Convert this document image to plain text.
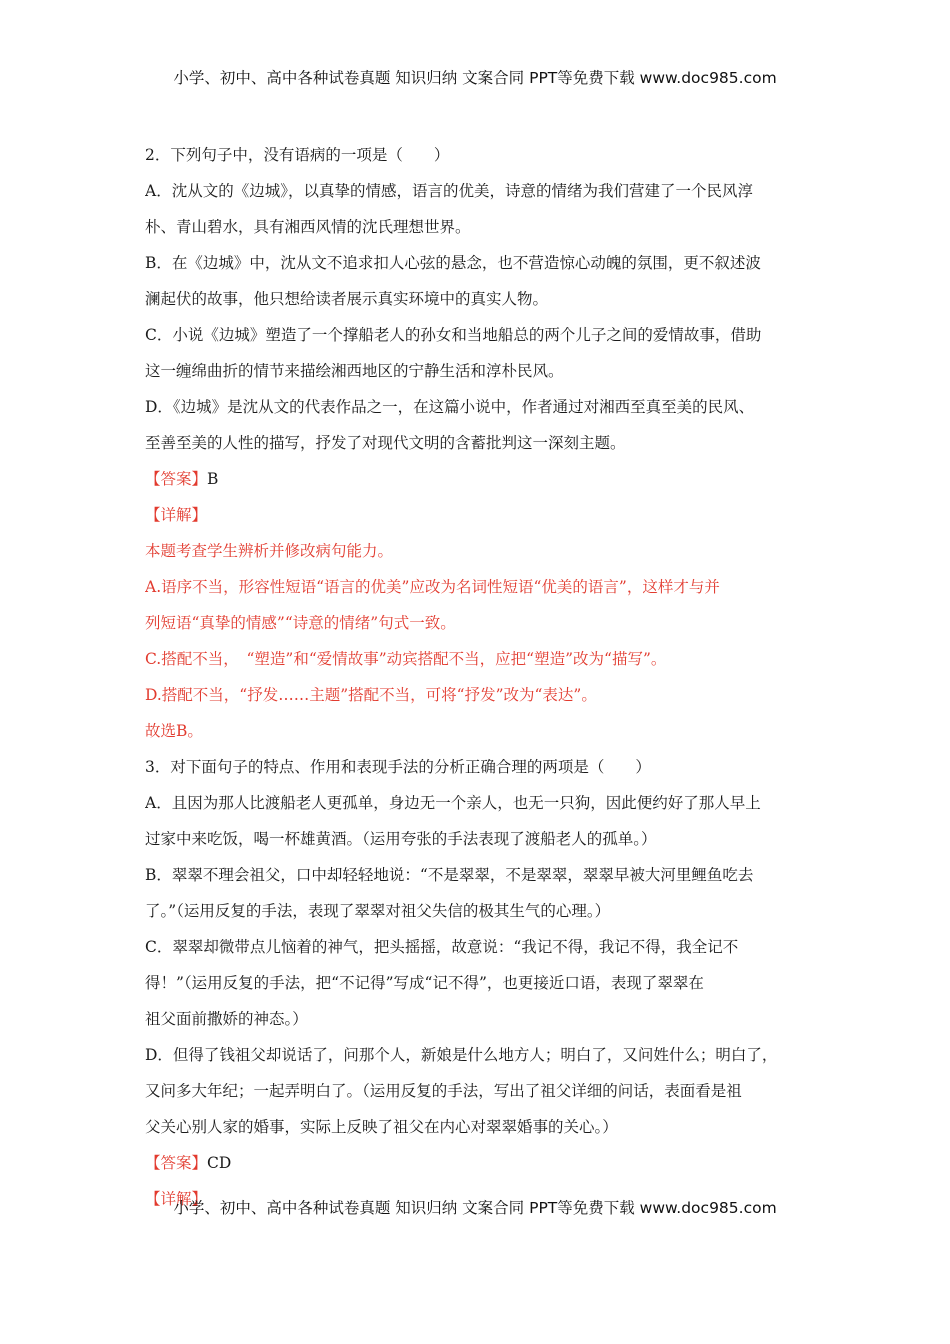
小学、初中、高中各种试卷真题 知识归纳 文案合同 PPT等免费下载 www.doc985.com
2．下列句子中，没有语病的一项是（　　）
A．沈从文的《边城》，以真挚的情感，语言的优美，诗意的情绪为我们营建了一个民风淳
朴、青山碧水，具有湘西风情的沈氏理想世界。
B．在《边城》中，沈从文不追求扣人心弦的悬念，也不营造惊心动魄的氛围，更不叙述波
澜起伏的故事，他只想给读者展示真实环境中的真实人物。
C．小说《边城》塑造了一个撑船老人的孙女和当地船总的两个儿子之间的爱情故事，借助
这一缠绵曲折的情节来描绘湘西地区的宁静生活和淳朴民风。
D．《边城》是沈从文的代表作品之一，在这篇小说中，作者通过对湘西至真至美的民风、
至善至美的人性的描写，抒发了对现代文明的含蓄批判这一深刻主题。
【答案】B
【详解】
本题考查学生辨析并修改病句能力。
A.语序不当，形容性短语“语言的优美”应改为名词性短语“优美的语言”，这样才与并
列短语“真挚的情感”“诗意的情绪”句式一致。
C.搭配不当，　“塑造”和“爱情故事”动宾搭配不当，应把“塑造”改为“描写”。
D.搭配不当，“抒发……主题”搭配不当，可将“抒发”改为“表达”。
故选B。
3．对下面句子的特点、作用和表现手法的分析正确合理的两项是（　　）
A．且因为那人比渡船老人更孤单，身边无一个亲人，也无一只狗，因此便约好了那人早上
过家中来吃饭，喝一杯雄黄酒。（运用夸张的手法表现了渡船老人的孤单。）
B．翠翠不理会祖父，口中却轻轻地说：“不是翠翠，不是翠翠，翠翠早被大河里鲤鱼吃去
了。”（运用反复的手法，表现了翠翠对祖父失信的极其生气的心理。）
C．翠翠却微带点儿恼着的神气，把头摇摇，故意说：“我记不得，我记不得，我全记不
得！”（运用反复的手法，把“不记得”写成“记不得”，也更接近口语，表现了翠翠在
祖父面前撒娇的神态。）
D．但得了钱祖父却说话了，问那个人，新娘是什么地方人；明白了，又问姓什么；明白了，
又问多大年纪；一起弄明白了。（运用反复的手法，写出了祖父详细的问话，表面看是祖
父关心别人家的婚事，实际上反映了祖父在内心对翠翠婚事的关心。）
【答案】CD
【详解】
小学、初中、高中各种试卷真题 知识归纳 文案合同 PPT等免费下载 www.doc985.com
